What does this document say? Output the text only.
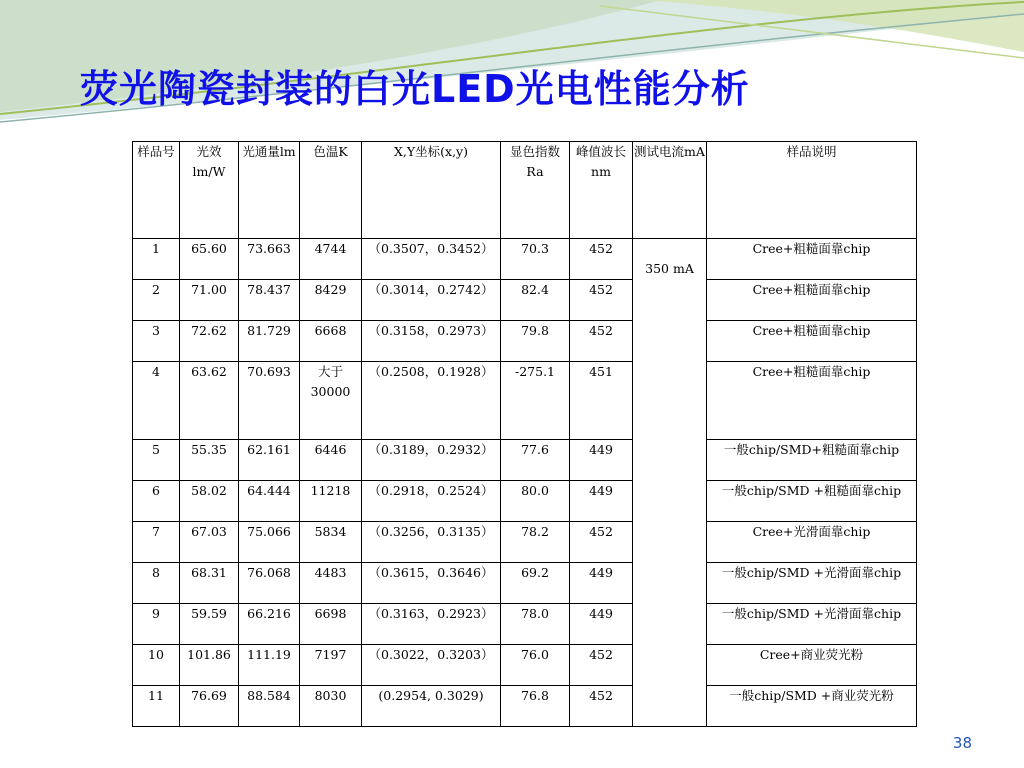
荧光陶瓷封装的白光LED光电性能分析
样品号	光效lm/W	光通量lm	色温K	X,Y坐标(x,y)	显色指数Ra	峰值波长nm	测试电流mA	样品说明
1	65.60	73.663	4744	（0.3507，0.3452）	70.3	452	350 mA	Cree+粗糙面靠chip
2	71.00	78.437	8429	（0.3014，0.2742）	82.4	452		Cree+粗糙面靠chip
3	72.62	81.729	6668	（0.3158，0.2973）	79.8	452		Cree+粗糙面靠chip
4	63.62	70.693	大于30000	（0.2508，0.1928）	-275.1	451		Cree+粗糙面靠chip
5	55.35	62.161	6446	（0.3189，0.2932）	77.6	449		一般chip/SMD+粗糙面靠chip
6	58.02	64.444	11218	（0.2918，0.2524）	80.0	449		一般chip/SMD +粗糙面靠chip
7	67.03	75.066	5834	（0.3256，0.3135）	78.2	452		Cree+光滑面靠chip
8	68.31	76.068	4483	（0.3615，0.3646）	69.2	449		一般chip/SMD +光滑面靠chip
9	59.59	66.216	6698	（0.3163，0.2923）	78.0	449		一般chip/SMD +光滑面靠chip
10	101.86	111.19	7197	（0.3022，0.3203）	76.0	452		Cree+商业荧光粉
11	76.69	88.584	8030	(0.2954, 0.3029)	76.8	452		一般chip/SMD +商业荧光粉
38
